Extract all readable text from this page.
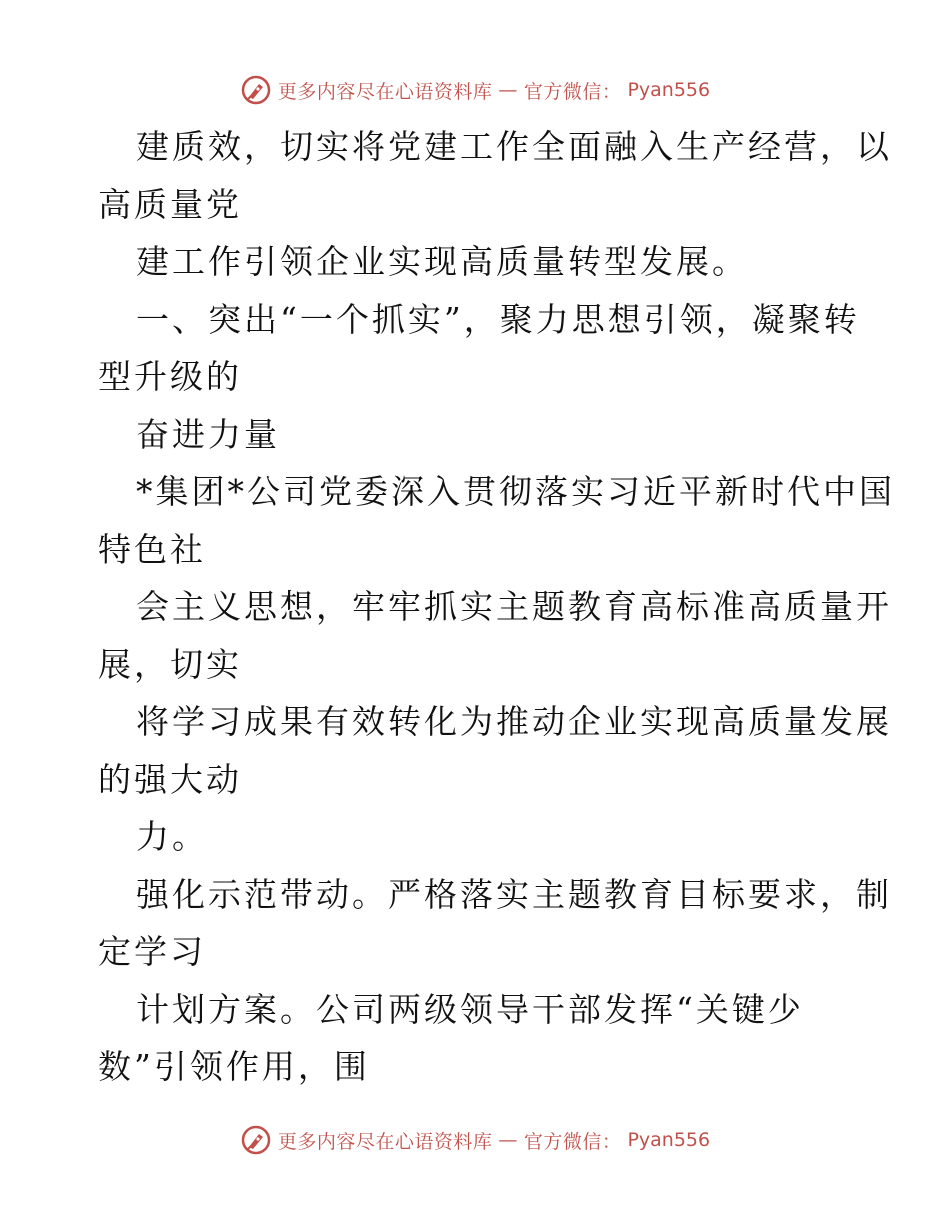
更多内容尽在心语资料库 — 官方微信： Pyan556
建质效，切实将党建工作全面融入生产经营，以
高质量党
建工作引领企业实现高质量转型发展。
一、突出“一个抓实”，聚力思想引领，凝聚转
型升级的
奋进力量
*集团*公司党委深入贯彻落实习近平新时代中国
特色社
会主义思想，牢牢抓实主题教育高标准高质量开
展，切实
将学习成果有效转化为推动企业实现高质量发展
的强大动
力。
强化示范带动。严格落实主题教育目标要求，制
定学习
计划方案。公司两级领导干部发挥“关键少
数”引领作用，围
更多内容尽在心语资料库 — 官方微信： Pyan556
